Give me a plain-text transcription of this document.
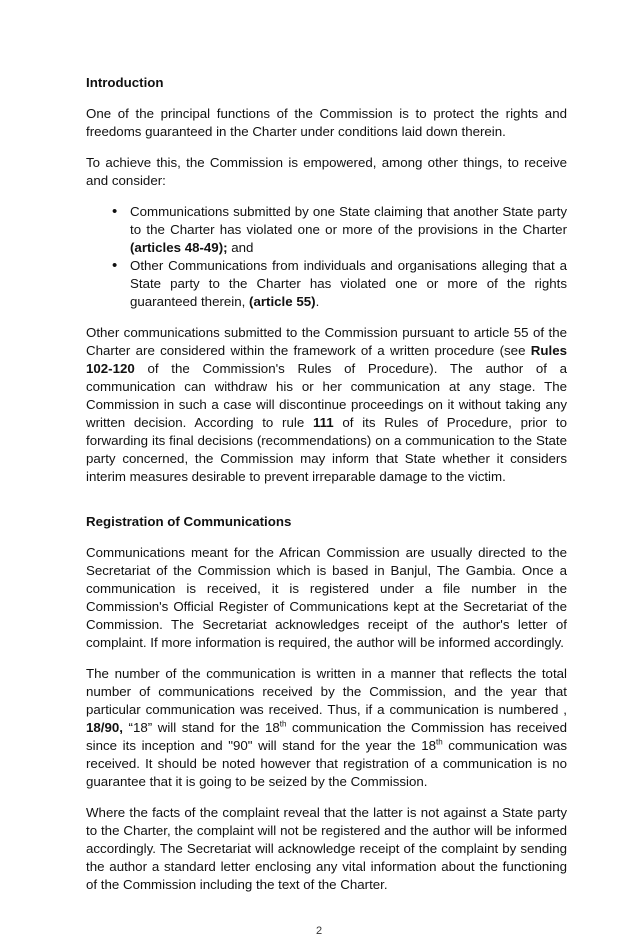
Introduction

One of the principal functions of the Commission is to protect the rights and freedoms guaranteed in the Charter under conditions laid down therein.

To achieve this, the Commission is empowered, among other things, to receive and consider:

• Communications submitted by one State claiming that another State party to the Charter has violated one or more of the provisions in the Charter (articles 48-49); and
• Other Communications from individuals and organisations alleging that a State party to the Charter has violated one or more of the rights guaranteed therein, (article 55).

Other communications submitted to the Commission pursuant to article 55 of the Charter are considered within the framework of a written procedure (see Rules 102-120 of the Commission's Rules of Procedure). The author of a communication can withdraw his or her communication at any stage. The Commission in such a case will discontinue proceedings on it without taking any written decision. According to rule 111 of its Rules of Procedure, prior to forwarding its final decisions (recommendations) on a communication to the State party concerned, the Commission may inform that State whether it considers interim measures desirable to prevent irreparable damage to the victim.

Registration of Communications

Communications meant for the African Commission are usually directed to the Secretariat of the Commission which is based in Banjul, The Gambia. Once a communication is received, it is registered under a file number in the Commission's Official Register of Communications kept at the Secretariat of the Commission. The Secretariat acknowledges receipt of the author's letter of complaint. If more information is required, the author will be informed accordingly.

The number of the communication is written in a manner that reflects the total number of communications received by the Commission, and the year that particular communication was received. Thus, if a communication is numbered , 18/90, “18” will stand for the 18th communication the Commission has received since its inception and "90" will stand for the year the 18th communication was received. It should be noted however that registration of a communication is no guarantee that it is going to be seized by the Commission.

Where the facts of the complaint reveal that the latter is not against a State party to the Charter, the complaint will not be registered and the author will be informed accordingly. The Secretariat will acknowledge receipt of the complaint by sending the author a standard letter enclosing any vital information about the functioning of the Commission including the text of the Charter.

2
